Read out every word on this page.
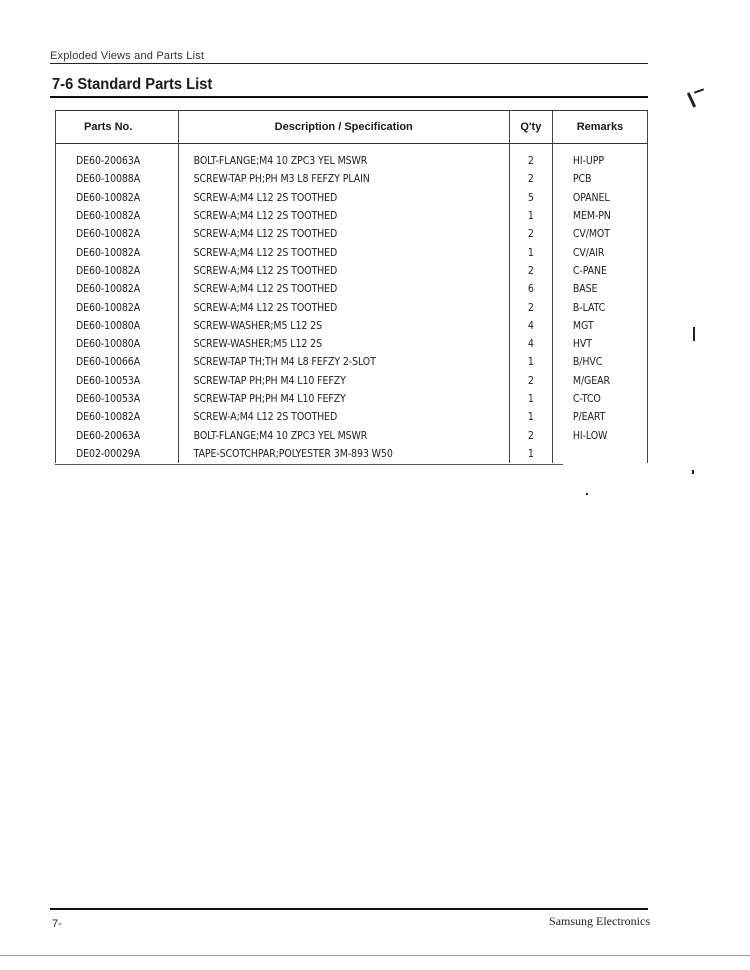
Exploded Views and Parts List
7-6 Standard Parts List
Parts No.	Description / Specification	Q'ty	Remarks
DE60-20063A	BOLT-FLANGE;M4 10 ZPC3 YEL MSWR	2	HI-UPP
DE60-10088A	SCREW-TAP PH;PH M3 L8 FEFZY PLAIN	2	PCB
DE60-10082A	SCREW-A;M4 L12 2S TOOTHED	5	OPANEL
DE60-10082A	SCREW-A;M4 L12 2S TOOTHED	1	MEM-PN
DE60-10082A	SCREW-A;M4 L12 2S TOOTHED	2	CV/MOT
DE60-10082A	SCREW-A;M4 L12 2S TOOTHED	1	CV/AIR
DE60-10082A	SCREW-A;M4 L12 2S TOOTHED	2	C-PANE
DE60-10082A	SCREW-A;M4 L12 2S TOOTHED	6	BASE
DE60-10082A	SCREW-A;M4 L12 2S TOOTHED	2	B-LATC
DE60-10080A	SCREW-WASHER;M5 L12 2S	4	MGT
DE60-10080A	SCREW-WASHER;M5 L12 2S	4	HVT
DE60-10066A	SCREW-TAP TH;TH M4 L8 FEFZY 2-SLOT	1	B/HVC
DE60-10053A	SCREW-TAP PH;PH M4 L10 FEFZY	2	M/GEAR
DE60-10053A	SCREW-TAP PH;PH M4 L10 FEFZY	1	C-TCO
DE60-10082A	SCREW-A;M4 L12 2S TOOTHED	1	P/EART
DE60-20063A	BOLT-FLANGE;M4 10 ZPC3 YEL MSWR	2	HI-LOW
DE02-00029A	TAPE-SCOTCHPAR;POLYESTER 3M-893 W50	1	
7-	Samsung Electronics
